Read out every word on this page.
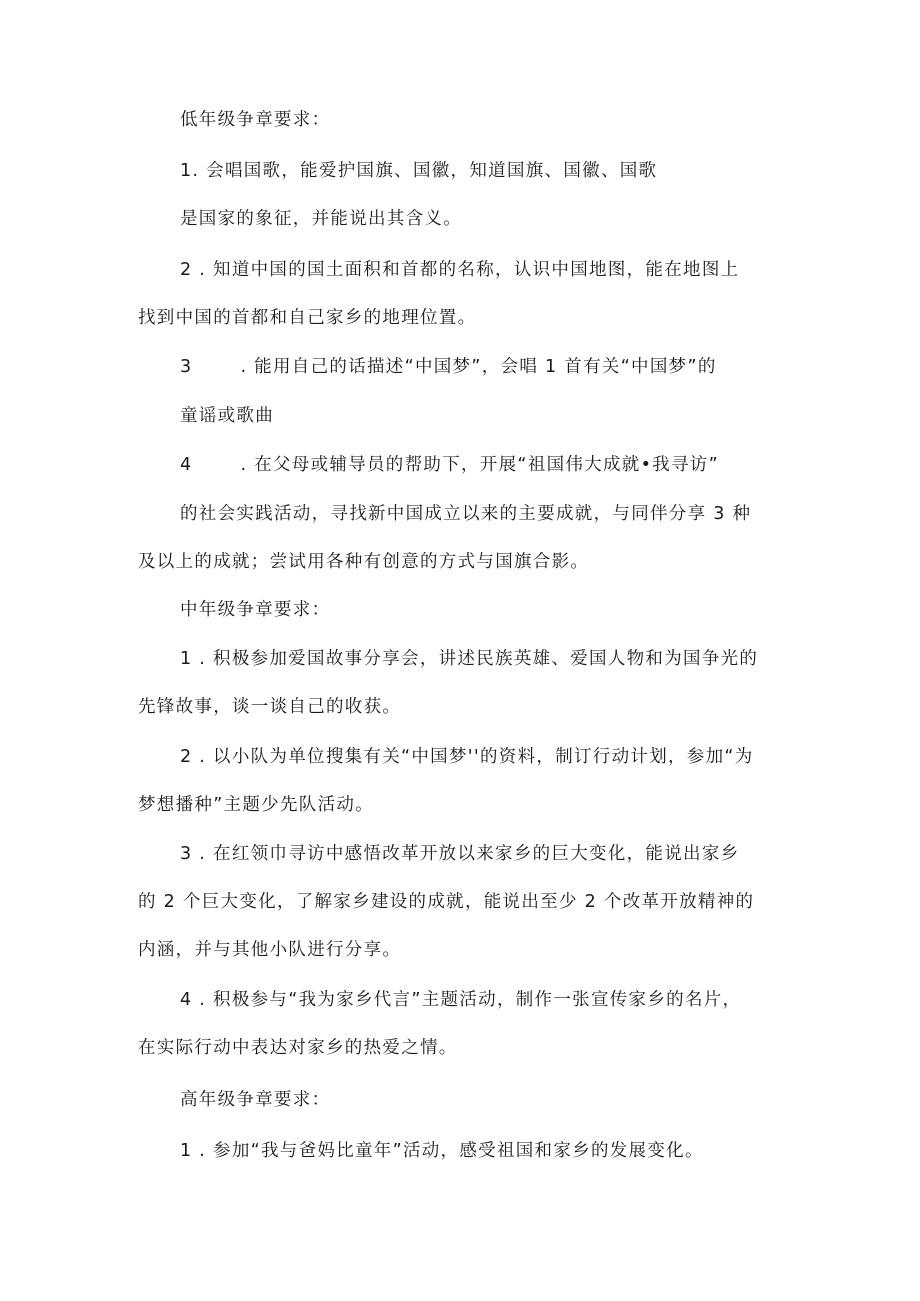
低年级争章要求：

1. 会唱国歌，能爱护国旗、国徽，知道国旗、国徽、国歌

是国家的象征，并能说出其含义。

2 . 知道中国的国土面积和首都的名称，认识中国地图，能在地图上

找到中国的首都和自己家乡的地理位置。

3       . 能用自己的话描述“中国梦”，会唱 1 首有关“中国梦”的

童谣或歌曲

4       . 在父母或辅导员的帮助下，开展“祖国伟大成就•我寻访”

的社会实践活动，寻找新中国成立以来的主要成就，与同伴分享 3 种

及以上的成就；尝试用各种有创意的方式与国旗合影。

中年级争章要求：

1 . 积极参加爱国故事分享会，讲述民族英雄、爱国人物和为国争光的

先锋故事，谈一谈自己的收获。

2 . 以小队为单位搜集有关“中国梦''的资料，制订行动计划，参加“为

梦想播种”主题少先队活动。

3 . 在红领巾寻访中感悟改革开放以来家乡的巨大变化，能说出家乡

的 2 个巨大变化，了解家乡建设的成就，能说出至少 2 个改革开放精神的

内涵，并与其他小队进行分享。

4 . 积极参与“我为家乡代言”主题活动，制作一张宣传家乡的名片，

在实际行动中表达对家乡的热爱之情。

高年级争章要求：

1 . 参加“我与爸妈比童年”活动，感受祖国和家乡的发展变化。
